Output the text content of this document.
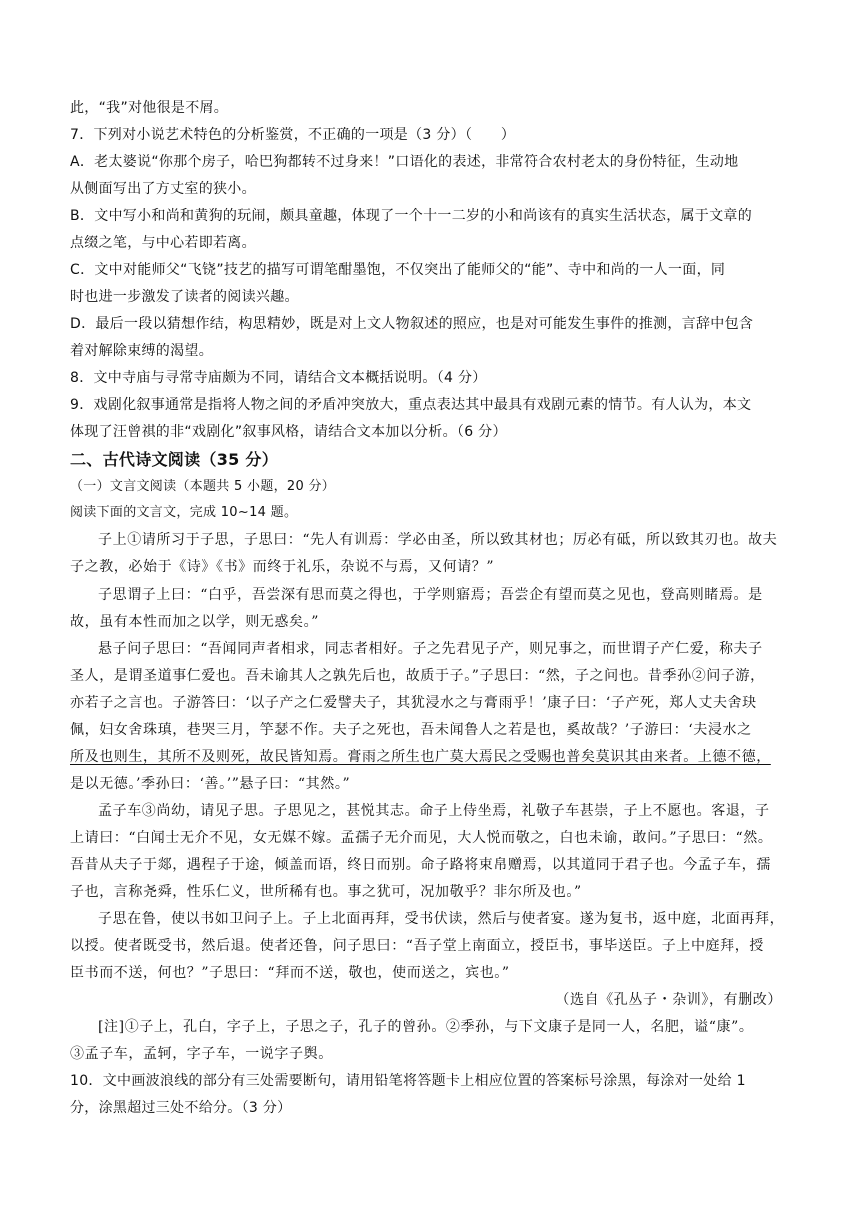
此，“我”对他很是不屑。
7．下列对小说艺术特色的分析鉴赏，不正确的一项是（3 分）（　　）
A．老太婆说“你那个房子，哈巴狗都转不过身来！”口语化的表述，非常符合农村老太的身份特征，生动地
从侧面写出了方丈室的狭小。
B．文中写小和尚和黄狗的玩闹，颇具童趣，体现了一个十一二岁的小和尚该有的真实生活状态，属于文章的
点缀之笔，与中心若即若离。
C．文中对能师父“飞铙”技艺的描写可谓笔酣墨饱，不仅突出了能师父的“能”、寺中和尚的一人一面，同
时也进一步激发了读者的阅读兴趣。
D．最后一段以猜想作结，构思精妙，既是对上文人物叙述的照应，也是对可能发生事件的推测，言辞中包含
着对解除束缚的渴望。
8．文中寺庙与寻常寺庙颇为不同，请结合文本概括说明。（4 分）
9．戏剧化叙事通常是指将人物之间的矛盾冲突放大，重点表达其中最具有戏剧元素的情节。有人认为，本文
体现了汪曾祺的非“戏剧化”叙事风格，请结合文本加以分析。（6 分）
二、古代诗文阅读（35 分）
（一）文言文阅读（本题共 5 小题，20 分）
阅读下面的文言文，完成 10~14 题。
子上①请所习于子思，子思曰：“先人有训焉：学必由圣，所以致其材也；厉必有砥，所以致其刃也。故夫
子之教，必始于《诗》《书》而终于礼乐，杂说不与焉，又何请？”
子思谓子上曰：“白乎，吾尝深有思而莫之得也，于学则寤焉；吾尝企有望而莫之见也，登高则睹焉。是
故，虽有本性而加之以学，则无惑矣。”
悬子问子思曰：“吾闻同声者相求，同志者相好。子之先君见子产，则兄事之，而世谓子产仁爱，称夫子
圣人，是谓圣道事仁爱也。吾未谕其人之孰先后也，故质于子。”子思曰：“然，子之问也。昔季孙②问子游，
亦若子之言也。子游答曰：‘以子产之仁爱譬夫子，其犹浸水之与膏雨乎！’康子曰：‘子产死，郑人丈夫舍玦
佩，妇女舍珠瑱，巷哭三月，竽瑟不作。夫子之死也，吾未闻鲁人之若是也，奚故哉？’子游曰：‘夫浸水之
所及也则生，其所不及则死，故民皆知焉。膏雨之所生也广莫大焉民之受赐也普矣莫识其由来者。上德不德，
是以无德。’季孙曰：‘善。’”悬子曰：“其然。”
孟子车③尚幼，请见子思。子思见之，甚悦其志。命子上侍坐焉，礼敬子车甚崇，子上不愿也。客退，子
上请曰：“白闻士无介不见，女无媒不嫁。孟孺子无介而见，大人悦而敬之，白也未谕，敢问。”子思曰：“然。
吾昔从夫子于郯，遇程子于途，倾盖而语，终日而别。命子路将束帛赠焉，以其道同于君子也。今孟子车，孺
子也，言称尧舜，性乐仁义，世所稀有也。事之犹可，况加敬乎？非尔所及也。”
子思在鲁，使以书如卫问子上。子上北面再拜，受书伏读，然后与使者宴。遂为复书，返中庭，北面再拜，
以授。使者既受书，然后退。使者还鲁，问子思曰：“吾子堂上南面立，授臣书，事毕送臣。子上中庭拜，授
臣书而不送，何也？”子思曰：“拜而不送，敬也，使而送之，宾也。”
（选自《孔丛子・杂训》，有删改）
[注]①子上，孔白，字子上，子思之子，孔子的曾孙。②季孙，与下文康子是同一人，名肥，谥“康”。
③孟子车，孟轲，字子车，一说字子舆。
10．文中画波浪线的部分有三处需要断句，请用铅笔将答题卡上相应位置的答案标号涂黑，每涂对一处给 1
分，涂黑超过三处不给分。（3 分）
